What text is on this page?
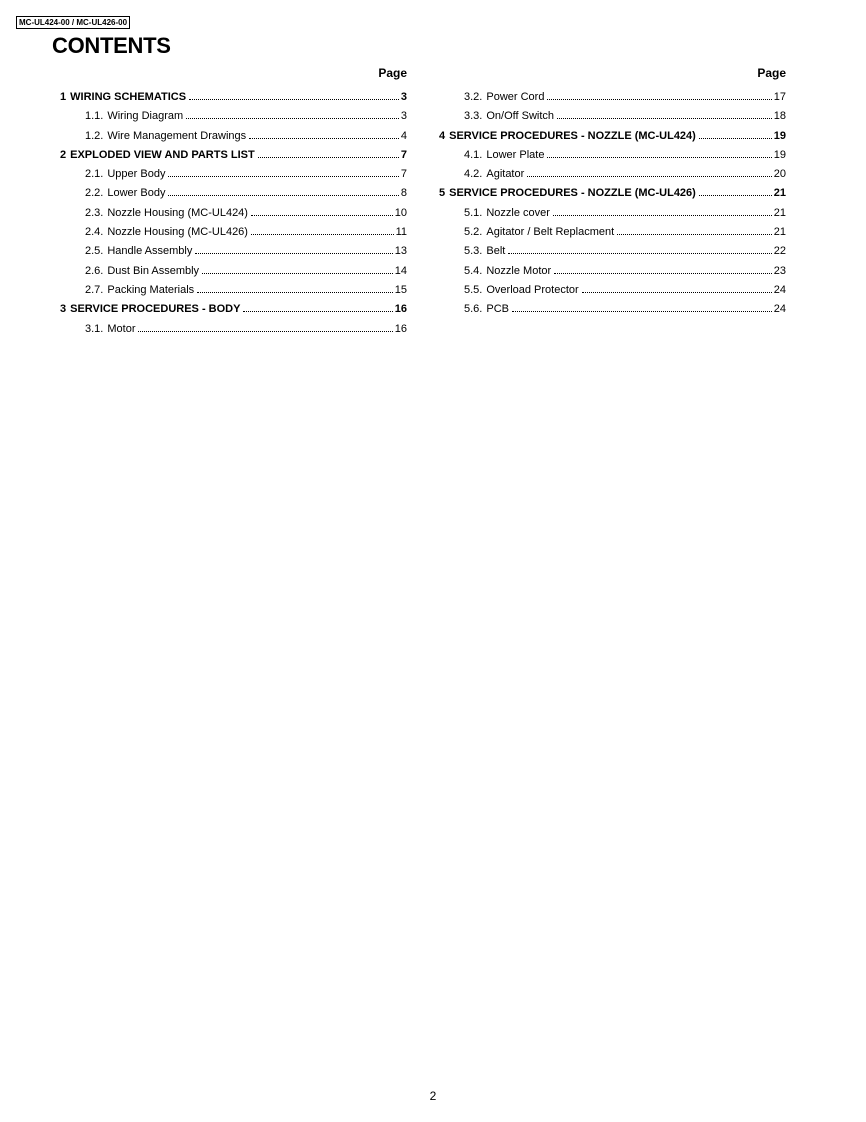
MC-UL424-00 / MC-UL426-00
CONTENTS
Page
1 WIRING SCHEMATICS	3
1.1. Wiring Diagram	3
1.2. Wire Management Drawings	4
2 EXPLODED VIEW AND PARTS LIST	7
2.1. Upper Body	7
2.2. Lower Body	8
2.3. Nozzle Housing (MC-UL424)	10
2.4. Nozzle Housing (MC-UL426)	11
2.5. Handle Assembly	13
2.6. Dust Bin Assembly	14
2.7. Packing Materials	15
3 SERVICE PROCEDURES - BODY	16
3.1. Motor	16
Page
3.2. Power Cord	17
3.3. On/Off Switch	18
4 SERVICE PROCEDURES - NOZZLE (MC-UL424)	19
4.1. Lower Plate	19
4.2. Agitator	20
5 SERVICE PROCEDURES - NOZZLE (MC-UL426)	21
5.1. Nozzle cover	21
5.2. Agitator / Belt Replacment	21
5.3. Belt	22
5.4. Nozzle Motor	23
5.5. Overload Protector	24
5.6. PCB	24
2
